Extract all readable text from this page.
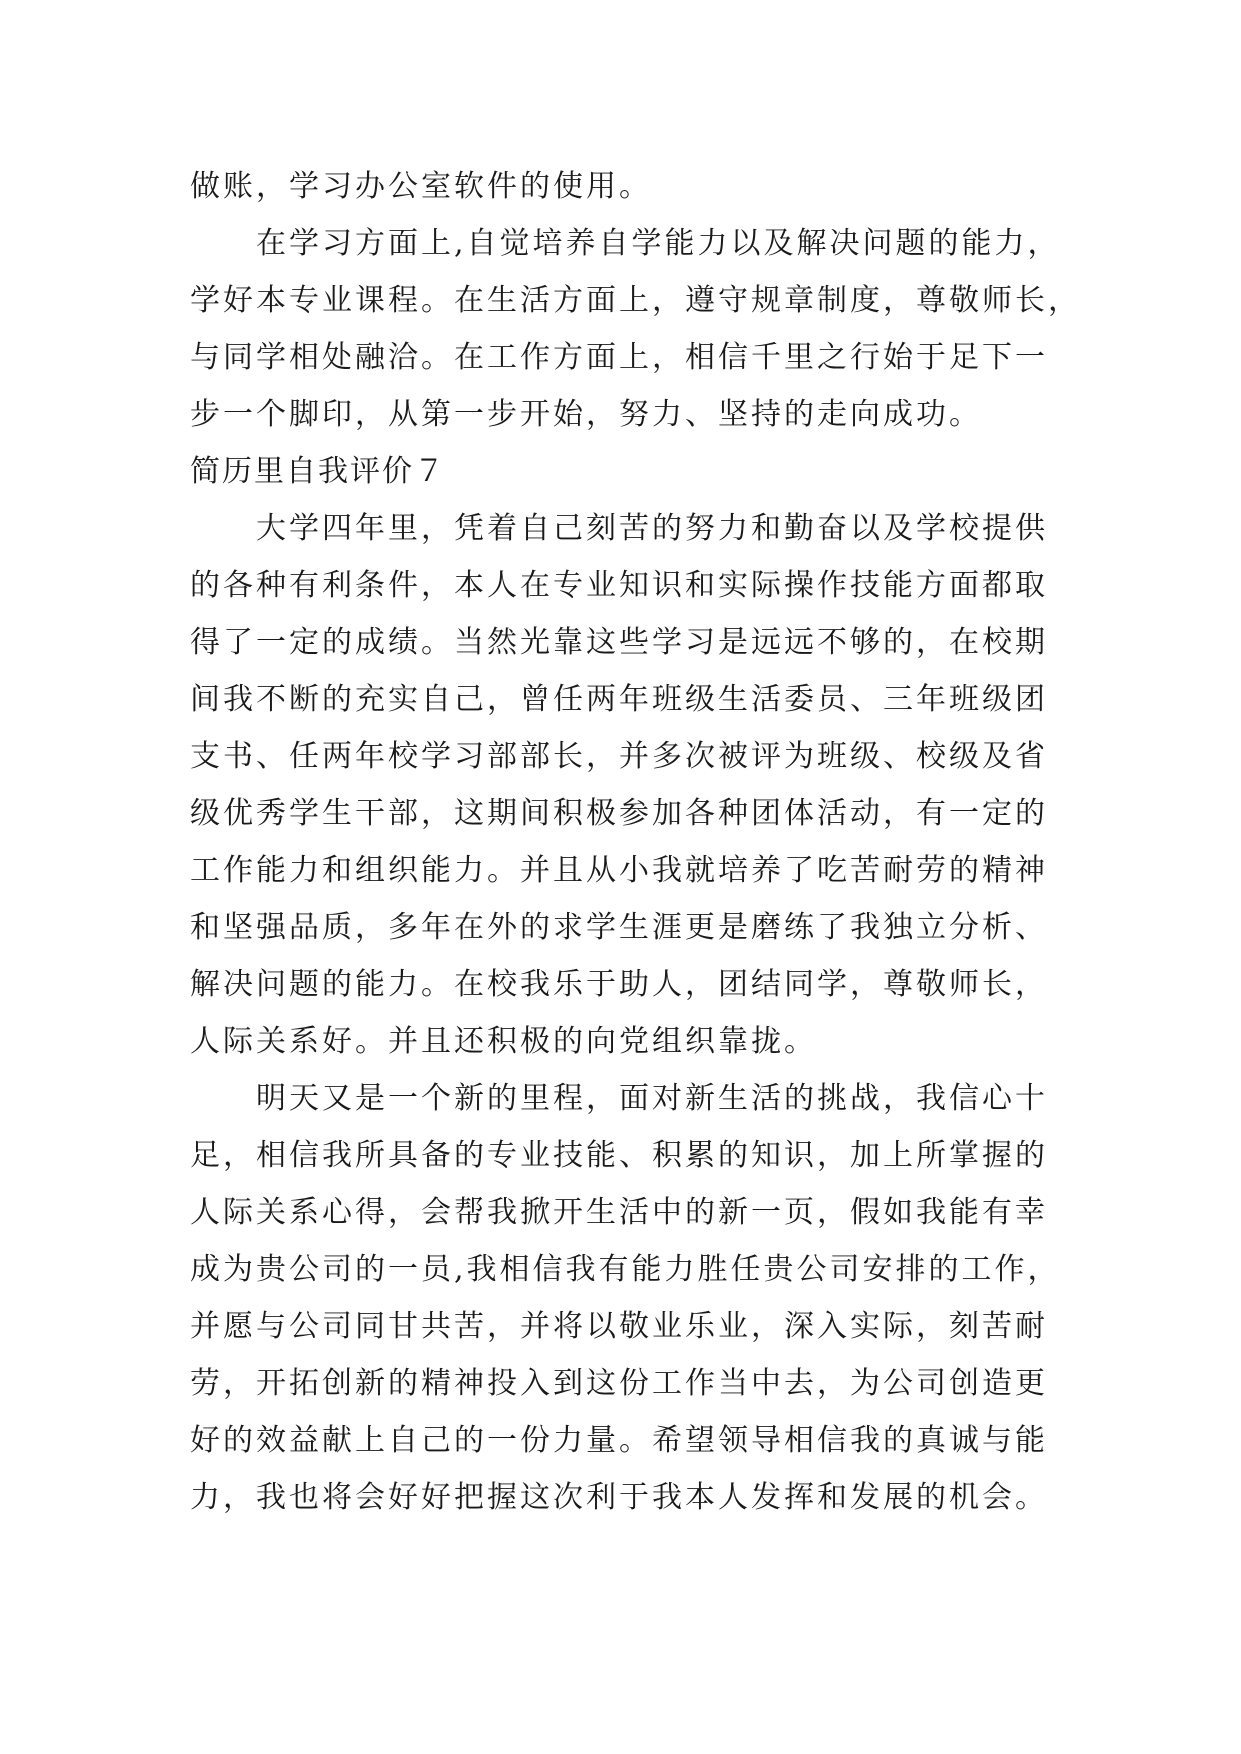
做账，学习办公室软件的使用。
在学习方面上,自觉培养自学能力以及解决问题的能力，
学好本专业课程。在生活方面上，遵守规章制度，尊敬师长，
与同学相处融洽。在工作方面上，相信千里之行始于足下一
步一个脚印，从第一步开始，努力、坚持的走向成功。
简历里自我评价７
大学四年里，凭着自己刻苦的努力和勤奋以及学校提供
的各种有利条件，本人在专业知识和实际操作技能方面都取
得了一定的成绩。当然光靠这些学习是远远不够的，在校期
间我不断的充实自己，曾任两年班级生活委员、三年班级团
支书、任两年校学习部部长，并多次被评为班级、校级及省
级优秀学生干部，这期间积极参加各种团体活动，有一定的
工作能力和组织能力。并且从小我就培养了吃苦耐劳的精神
和坚强品质，多年在外的求学生涯更是磨练了我独立分析、
解决问题的能力。在校我乐于助人，团结同学，尊敬师长，
人际关系好。并且还积极的向党组织靠拢。
明天又是一个新的里程，面对新生活的挑战，我信心十
足，相信我所具备的专业技能、积累的知识，加上所掌握的
人际关系心得，会帮我掀开生活中的新一页，假如我能有幸
成为贵公司的一员,我相信我有能力胜任贵公司安排的工作，
并愿与公司同甘共苦，并将以敬业乐业，深入实际，刻苦耐
劳，开拓创新的精神投入到这份工作当中去，为公司创造更
好的效益献上自己的一份力量。希望领导相信我的真诚与能
力，我也将会好好把握这次利于我本人发挥和发展的机会。
